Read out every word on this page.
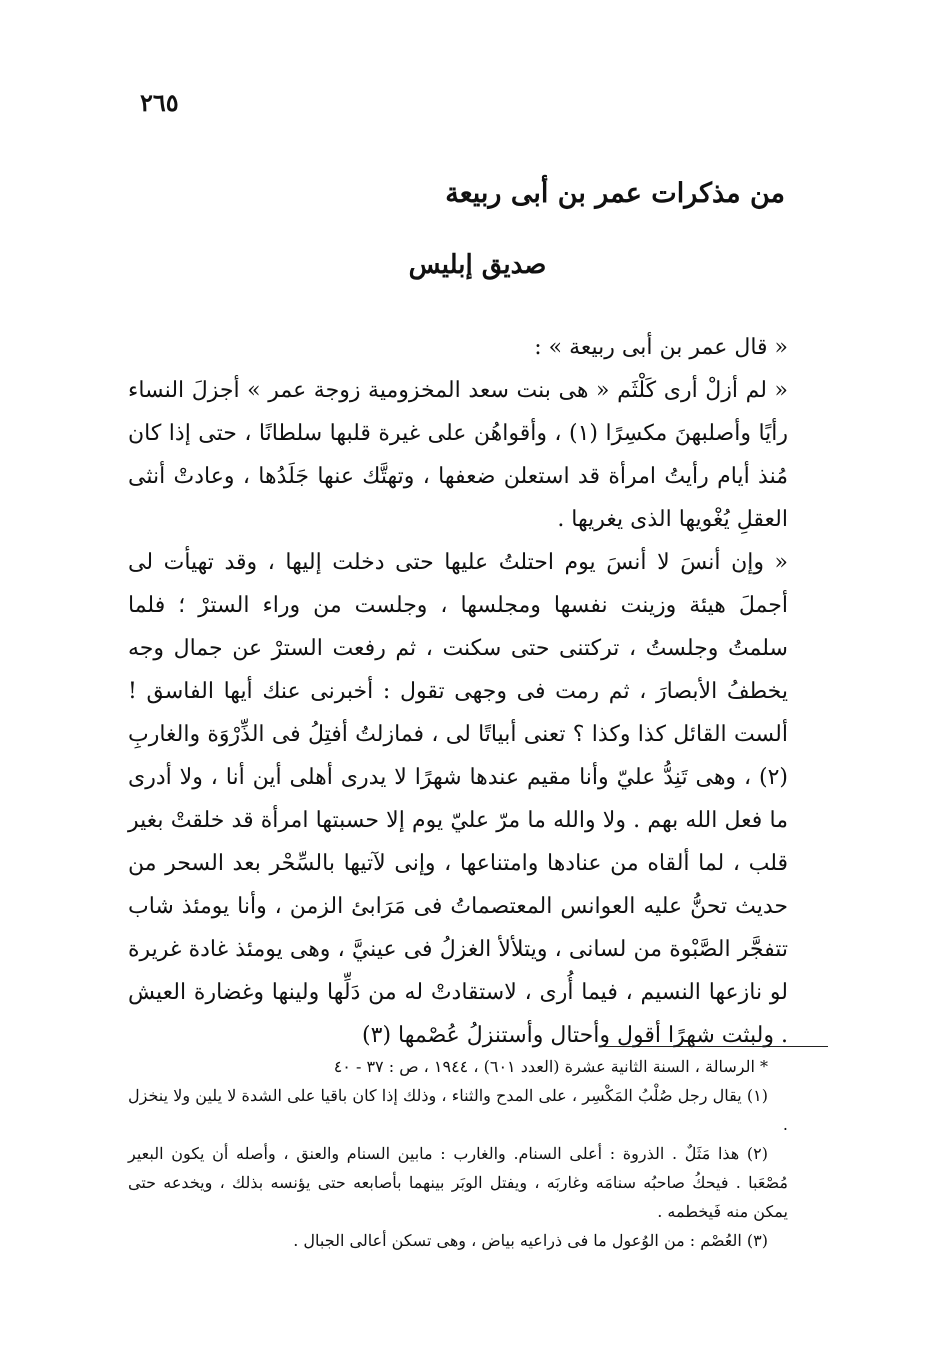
٢٦٥
من مذكرات عمر بن أبى ربيعة
صديق إبليس

« قال عمر بن أبى ربيعة » :

« لم أزلْ أرى كَلْثَم « هى بنت سعد المخزومية زوجة عمر » أجزلَ النساء رأيًا وأصلبهنَ مكسِرًا (١) ، وأقواهُن على غيرة قلبها سلطانًا ، حتى إذا كان مُنذ أيام رأيتُ امرأة قد استعلن ضعفها ، وتهتَّك عنها جَلَدُها ، وعادتْ أنثى العقلِ يُغْويها الذى يغريها .

« وإن أنسَ لا أنسَ يوم احتلتُ عليها حتى دخلت إليها ، وقد تهيأت لى أجملَ هيئة وزينت نفسها ومجلسها ، وجلست من وراء السترْ ؛ فلما سلمتُ وجلستُ ، تركتنى حتى سكنت ، ثم رفعت السترْ عن جمال وجه يخطفُ الأبصارَ ، ثم رمت فى وجهى تقول : أخبرنى عنك أيها الفاسق ! ألست القائل كذا وكذا ؟ تعنى أبياتًا لى ، فمازلتُ أفتِلُ فى الذِّرْوَة والغاربِ (٢) ، وهى تَنِدُّ عليّ وأنا مقيم عندها شهرًا لا يدرى أهلى أين أنا ، ولا أدرى ما فعل الله بهم . ولا والله ما مرّ عليّ يوم إلا حسبتها امرأة قد خلقتْ بغير قلب ، لما ألقاه من عنادها وامتناعها ، وإنى لآتيها بالسِّحْر بعد السحر من حديث تحنُّ عليه العوانس المعتصماتُ فى مَرَابئ الزمن ، وأنا يومئذ شاب تتفجَّر الصَّبْوة من لسانى ، ويتلألأ الغزلُ فى عينيَّ ، وهى يومئذ غادة غريرة لو نازعها النسيم ، فيما أُرى ، لاستقادتْ له من دَلِّها ولينها وغضارة العيش . ولبثت شهرًا أقول وأحتال وأستنزلُ عُصْمها (٣)

* الرسالة ، السنة الثانية عشرة (العدد ٦٠١) ، ١٩٤٤ ، ص : ٣٧ - ٤٠

(١) يقال رجل صُلْبُ المَكْسِر ، على المدح والثناء ، وذلك إذا كان باقيا على الشدة لا يلين ولا ينخزل .

(٢) هذا مَثَلٌ . الذروة : أعلى السنام. والغارب : مابين السنام والعنق ، وأصله أن يكون البعير مُصْعَبا . فيحكُ صاحبُه سنامَه وغاربَه ، ويفتل الوبَر بينهما بأصابعه حتى يؤنسه بذلك ، ويخدعه حتى يمكن منه فَيخطمه .

(٣) العُصْم : من الوُعول ما فى ذراعيه بياض ، وهى تسكن أعالى الجبال .
